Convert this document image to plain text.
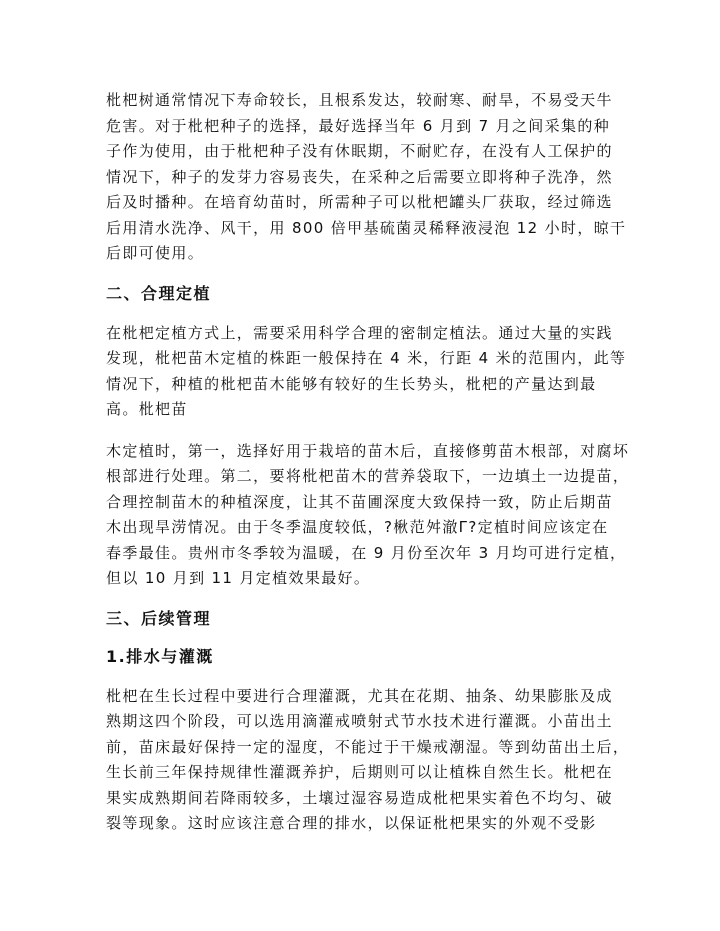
枇杷树通常情况下寿命较长，且根系发达，较耐寒、耐旱，不易受天牛
危害。对于枇杷种子的选择，最好选择当年 6 月到 7 月之间采集的种
子作为使用，由于枇杷种子没有休眠期，不耐贮存，在没有人工保护的
情况下，种子的发芽力容易丧失，在采种之后需要立即将种子洗净，然
后及时播种。在培育幼苗时，所需种子可以枇杷罐头厂获取，经过筛选
后用清水洗净、风干，用 800 倍甲基硫菌灵稀释液浸泡 12 小时，晾干
后即可使用。
二、合理定植
在枇杷定植方式上，需要采用科学合理的密制定植法。通过大量的实践
发现，枇杷苗木定植的株距一般保持在 4 米，行距 4 米的范围内，此等
情况下，种植的枇杷苗木能够有较好的生长势头，枇杷的产量达到最
高。枇杷苗
木定植时，第一，选择好用于栽培的苗木后，直接修剪苗木根部，对腐坏
根部进行处理。第二，要将枇杷苗木的营养袋取下，一边填土一边提苗，
合理控制苗木的种植深度，让其不苗圃深度大致保持一致，防止后期苗
木出现旱涝情况。由于冬季温度较低，?楸范舛澈Γ?定植时间应该定在
春季最佳。贵州市冬季较为温暖，在 9 月份至次年 3 月均可进行定植，
但以 10 月到 11 月定植效果最好。
三、后续管理
1.排水与灌溉
枇杷在生长过程中要进行合理灌溉，尤其在花期、抽条、幼果膨胀及成
熟期这四个阶段，可以选用滴灌戒喷射式节水技术进行灌溉。小苗出土
前，苗床最好保持一定的湿度，不能过于干燥戒潮湿。等到幼苗出土后，
生长前三年保持规律性灌溉养护，后期则可以让植株自然生长。枇杷在
果实成熟期间若降雨较多，土壤过湿容易造成枇杷果实着色不均匀、破
裂等现象。这时应该注意合理的排水，以保证枇杷果实的外观不受影
